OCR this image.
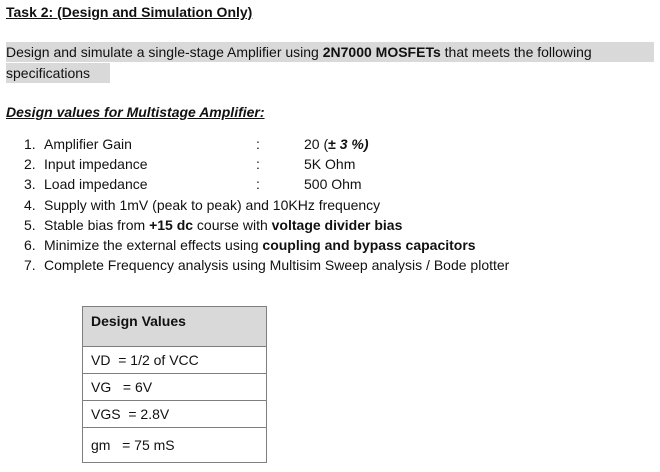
Task 2: (Design and Simulation Only)
Design and simulate a single-stage Amplifier using 2N7000 MOSFETs that meets the following
specifications
Design values for Multistage Amplifier:
1. Amplifier Gain	:	20 (± 3 %)
2. Input impedance	:	5K Ohm
3. Load impedance	:	500 Ohm
4. Supply with 1mV (peak to peak) and 10KHz frequency
5. Stable bias from +15 dc course with voltage divider bias
6. Minimize the external effects using coupling and bypass capacitors
7. Complete Frequency analysis using Multisim Sweep analysis / Bode plotter
Design Values
VD  = 1/2 of VCC
VG   = 6V
VGS  = 2.8V
gm   = 75 mS
